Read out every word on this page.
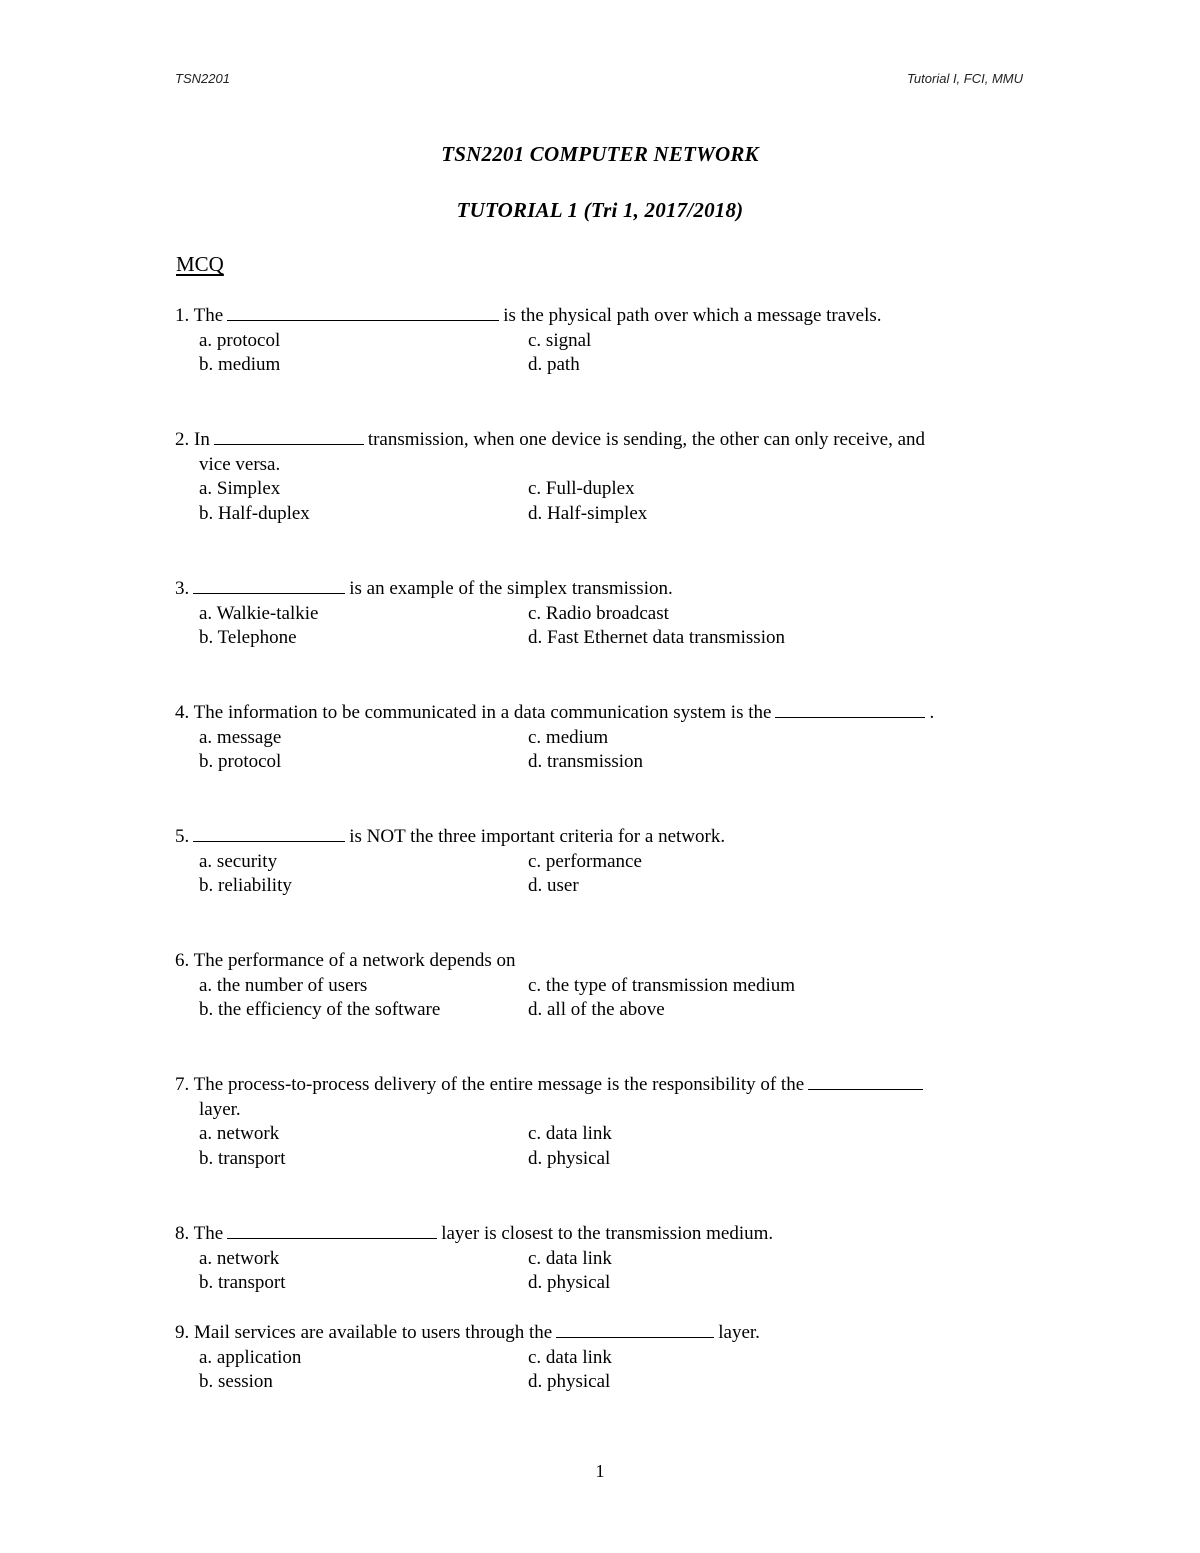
TSN2201	Tutorial I, FCI, MMU
TSN2201 COMPUTER NETWORK
TUTORIAL 1 (Tri 1, 2017/2018)
MCQ
1. The	is the physical path over which a message travels.
a. protocol	c. signal
b. medium	d. path
2. In	transmission, when one device is sending, the other can only receive, and
vice versa.
a. Simplex	c. Full-duplex
b. Half-duplex	d. Half-simplex
3.	is an example of the simplex transmission.
a. Walkie-talkie	c. Radio broadcast
b. Telephone	d. Fast Ethernet data transmission
4. The information to be communicated in a data communication system is the	.
a. message	c. medium
b. protocol	d. transmission
5.	is NOT the three important criteria for a network.
a. security	c. performance
b. reliability	d. user
6. The performance of a network depends on
a. the number of users	c. the type of transmission medium
b. the efficiency of the software	d. all of the above
7. The process-to-process delivery of the entire message is the responsibility of the
layer.
a. network	c. data link
b. transport	d. physical
8. The	layer is closest to the transmission medium.
a. network	c. data link
b. transport	d. physical
9. Mail services are available to users through the	layer.
a. application	c. data link
b. session	d. physical
1
